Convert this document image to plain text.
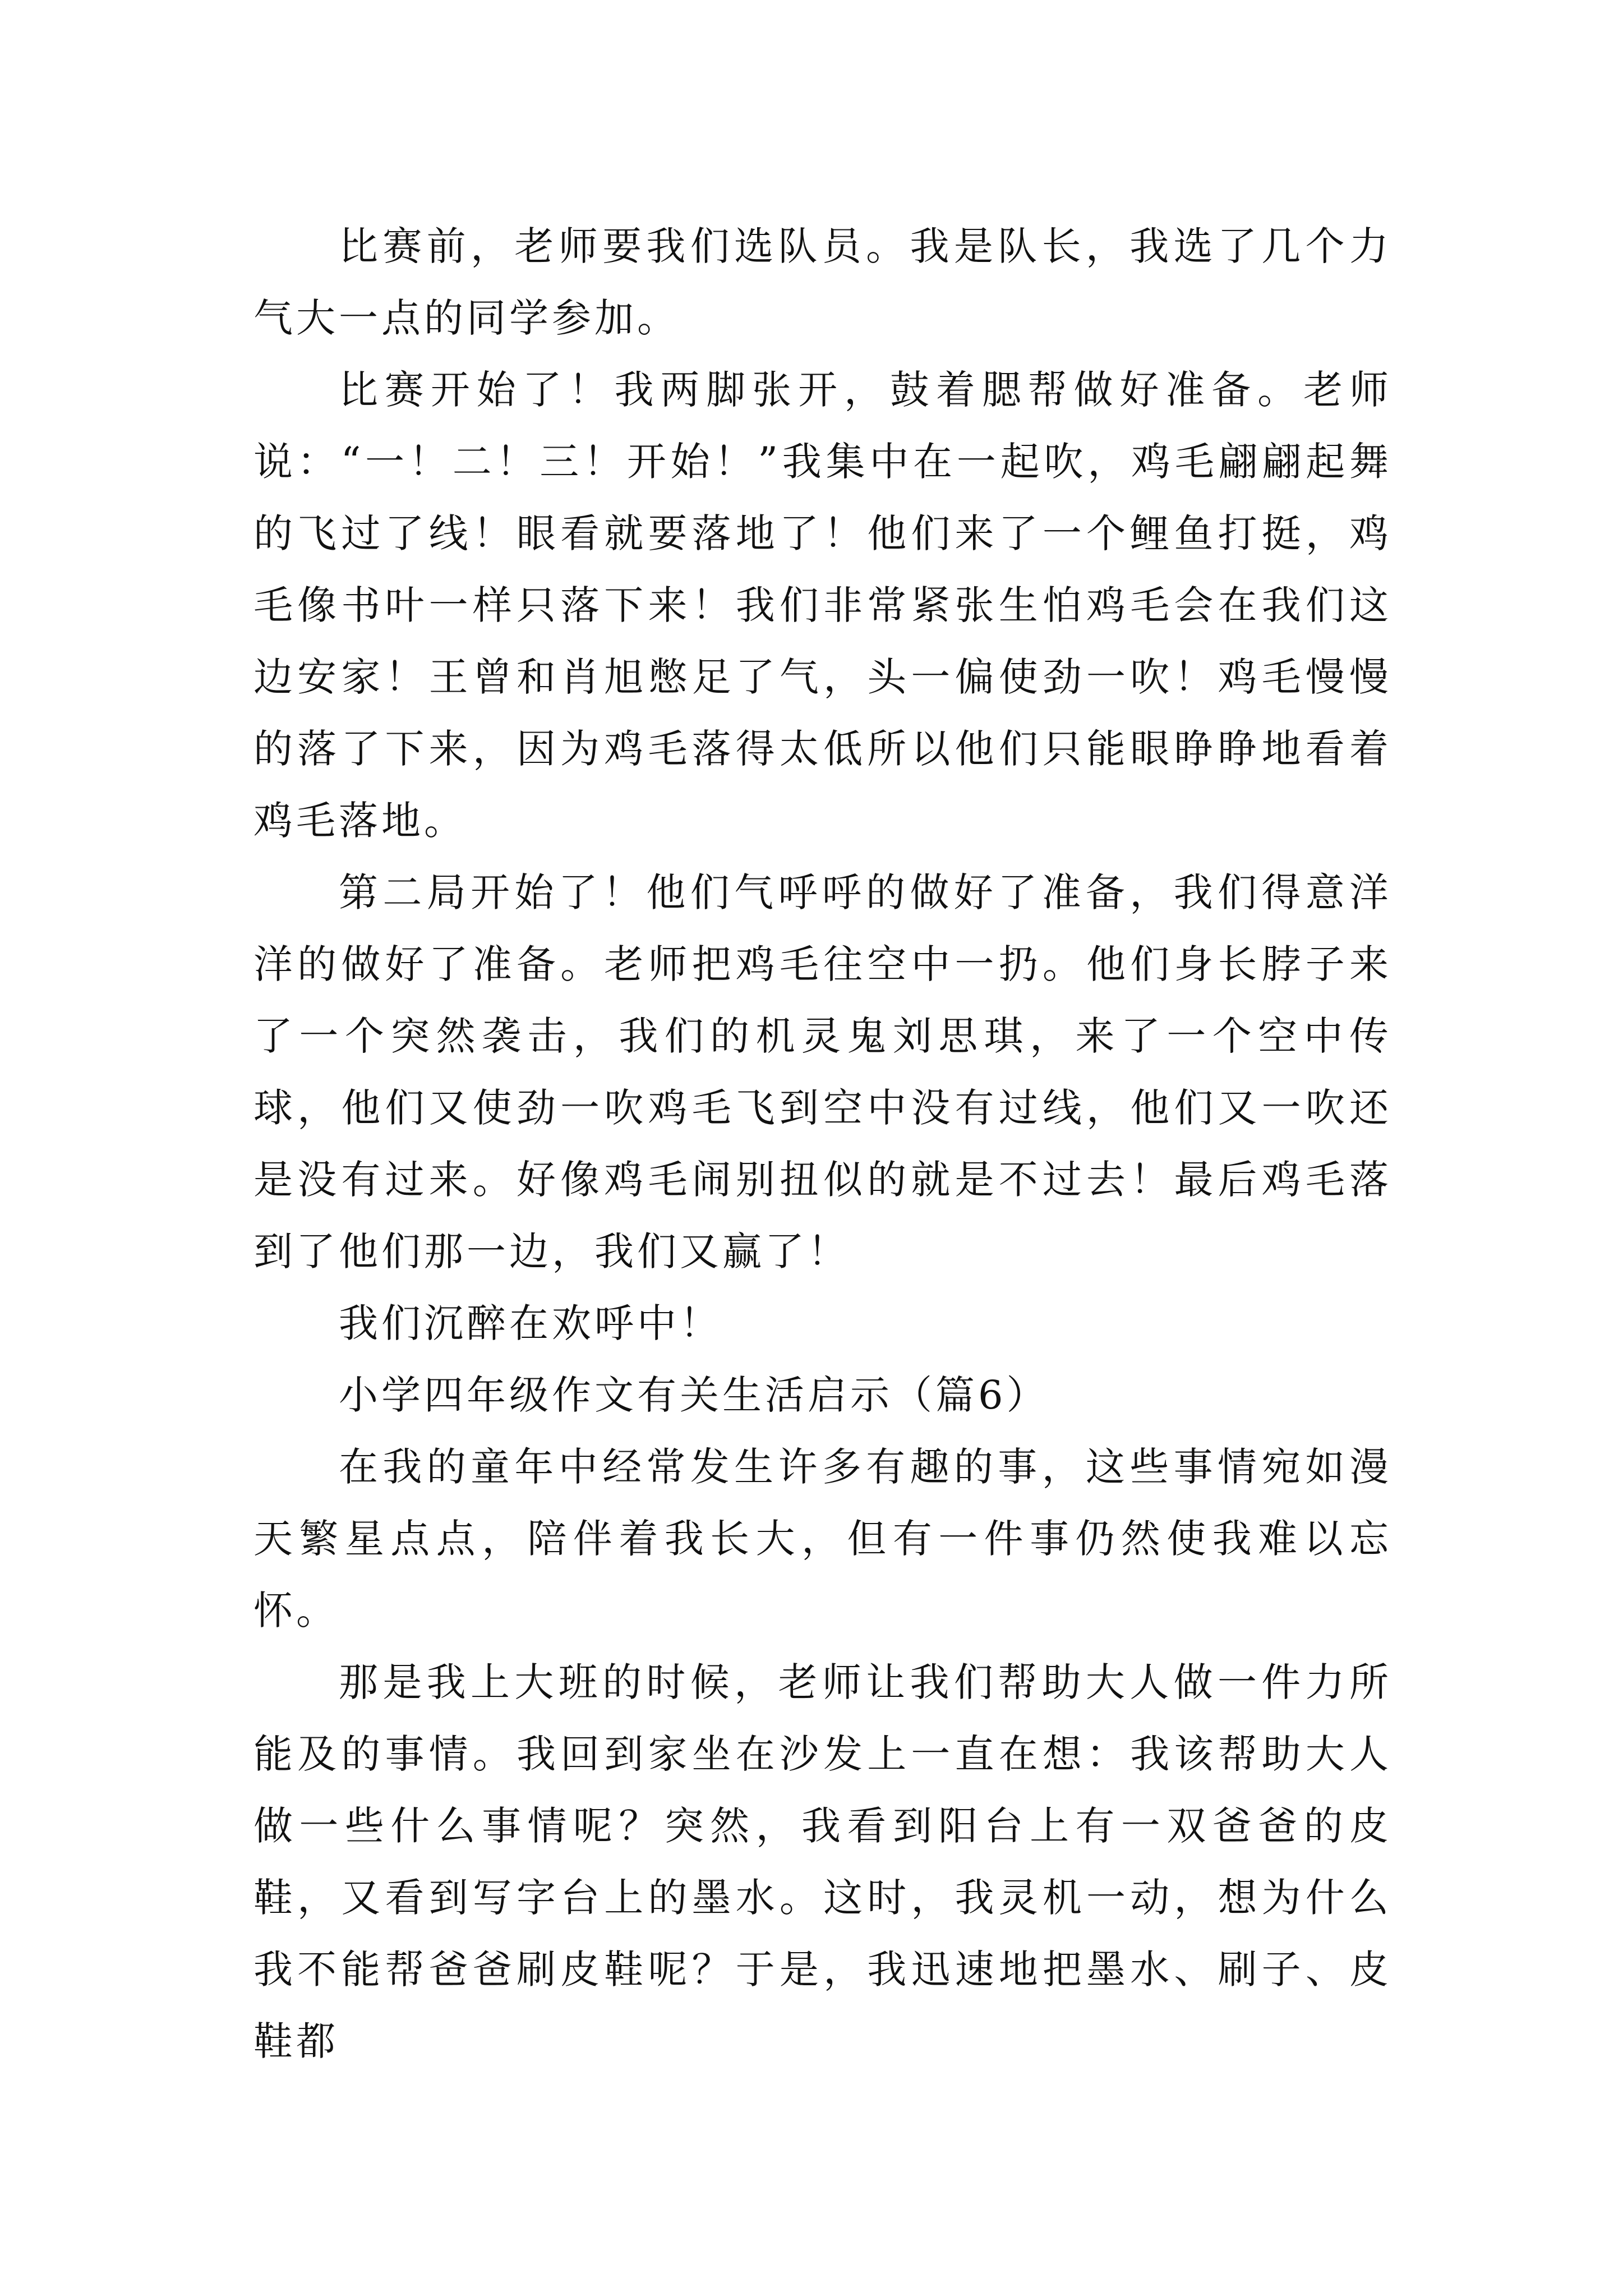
比赛前，老师要我们选队员。我是队长，我选了几个力气大一点的同学参加。

比赛开始了！我两脚张开，鼓着腮帮做好准备。老师说：“一！二！三！开始！”我集中在一起吹，鸡毛翩翩起舞的飞过了线！眼看就要落地了！他们来了一个鲤鱼打挺，鸡毛像书叶一样只落下来！我们非常紧张生怕鸡毛会在我们这边安家！王曾和肖旭憋足了气，头一偏使劲一吹！鸡毛慢慢的落了下来，因为鸡毛落得太低所以他们只能眼睁睁地看着鸡毛落地。

第二局开始了！他们气呼呼的做好了准备，我们得意洋洋的做好了准备。老师把鸡毛往空中一扔。他们身长脖子来了一个突然袭击，我们的机灵鬼刘思琪，来了一个空中传球，他们又使劲一吹鸡毛飞到空中没有过线，他们又一吹还是没有过来。好像鸡毛闹别扭似的就是不过去！最后鸡毛落到了他们那一边，我们又赢了！

我们沉醉在欢呼中！

小学四年级作文有关生活启示（篇6）

在我的童年中经常发生许多有趣的事，这些事情宛如漫天繁星点点，陪伴着我长大，但有一件事仍然使我难以忘怀。

那是我上大班的时候，老师让我们帮助大人做一件力所能及的事情。我回到家坐在沙发上一直在想：我该帮助大人做一些什么事情呢？突然，我看到阳台上有一双爸爸的皮鞋，又看到写字台上的墨水。这时，我灵机一动，想为什么我不能帮爸爸刷皮鞋呢？于是，我迅速地把墨水、刷子、皮鞋都
